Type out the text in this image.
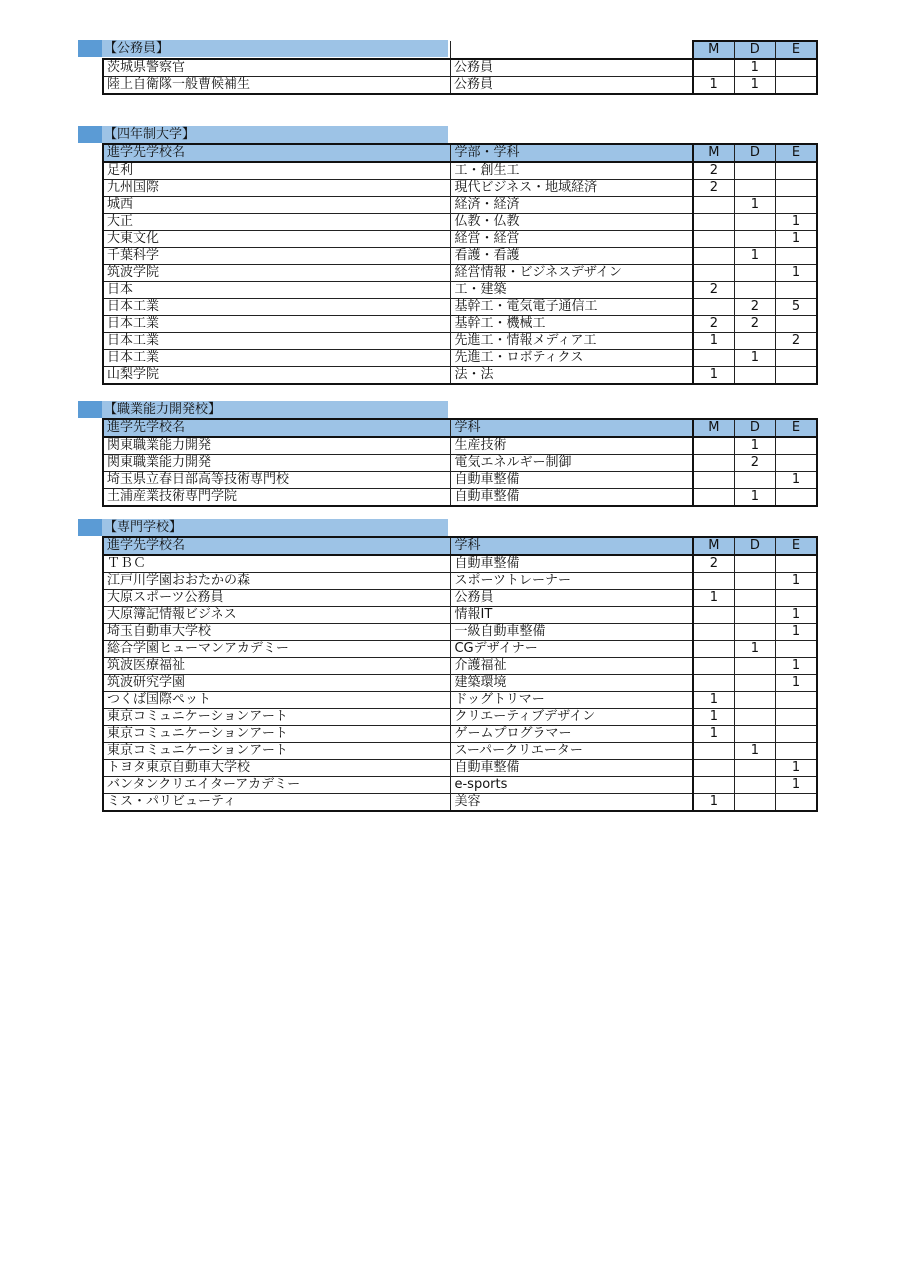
【公務員】
			M	D	E
茨城県警察官	公務員		1	
陸上自衛隊一般曹候補生	公務員	1	1	
【四年制大学】
進学先学校名	学部・学科	M	D	E
足利	工・創生工	2		
九州国際	現代ビジネス・地域経済	2		
城西	経済・経済		1	
大正	仏教・仏教			1
大東文化	経営・経営			1
千葉科学	看護・看護		1	
筑波学院	経営情報・ビジネスデザイン			1
日本	工・建築	2		
日本工業	基幹工・電気電子通信工		2	5
日本工業	基幹工・機械工	2	2	
日本工業	先進工・情報メディア工	1		2
日本工業	先進工・ロボティクス		1	
山梨学院	法・法	1		
【職業能力開発校】
進学先学校名	学科	M	D	E
関東職業能力開発	生産技術		1	
関東職業能力開発	電気エネルギー制御		2	
埼玉県立春日部高等技術専門校	自動車整備			1
土浦産業技術専門学院	自動車整備		1	
【専門学校】
進学先学校名	学科	M	D	E
ＴＢＣ	自動車整備	2		
江戸川学園おおたかの森	スポーツトレーナー			1
大原スポーツ公務員	公務員	1		
大原簿記情報ビジネス	情報IT			1
埼玉自動車大学校	一級自動車整備			1
総合学園ヒューマンアカデミー	CGデザイナー		1	
筑波医療福祉	介護福祉			1
筑波研究学園	建築環境			1
つくば国際ペット	ドッグトリマー	1		
東京コミュニケーションアート	クリエーティブデザイン	1		
東京コミュニケーションアート	ゲームプログラマー	1		
東京コミュニケーションアート	スーパークリエーター		1	
トヨタ東京自動車大学校	自動車整備			1
バンタンクリエイターアカデミー	e-sports			1
ミス・パリビューティ	美容	1		
